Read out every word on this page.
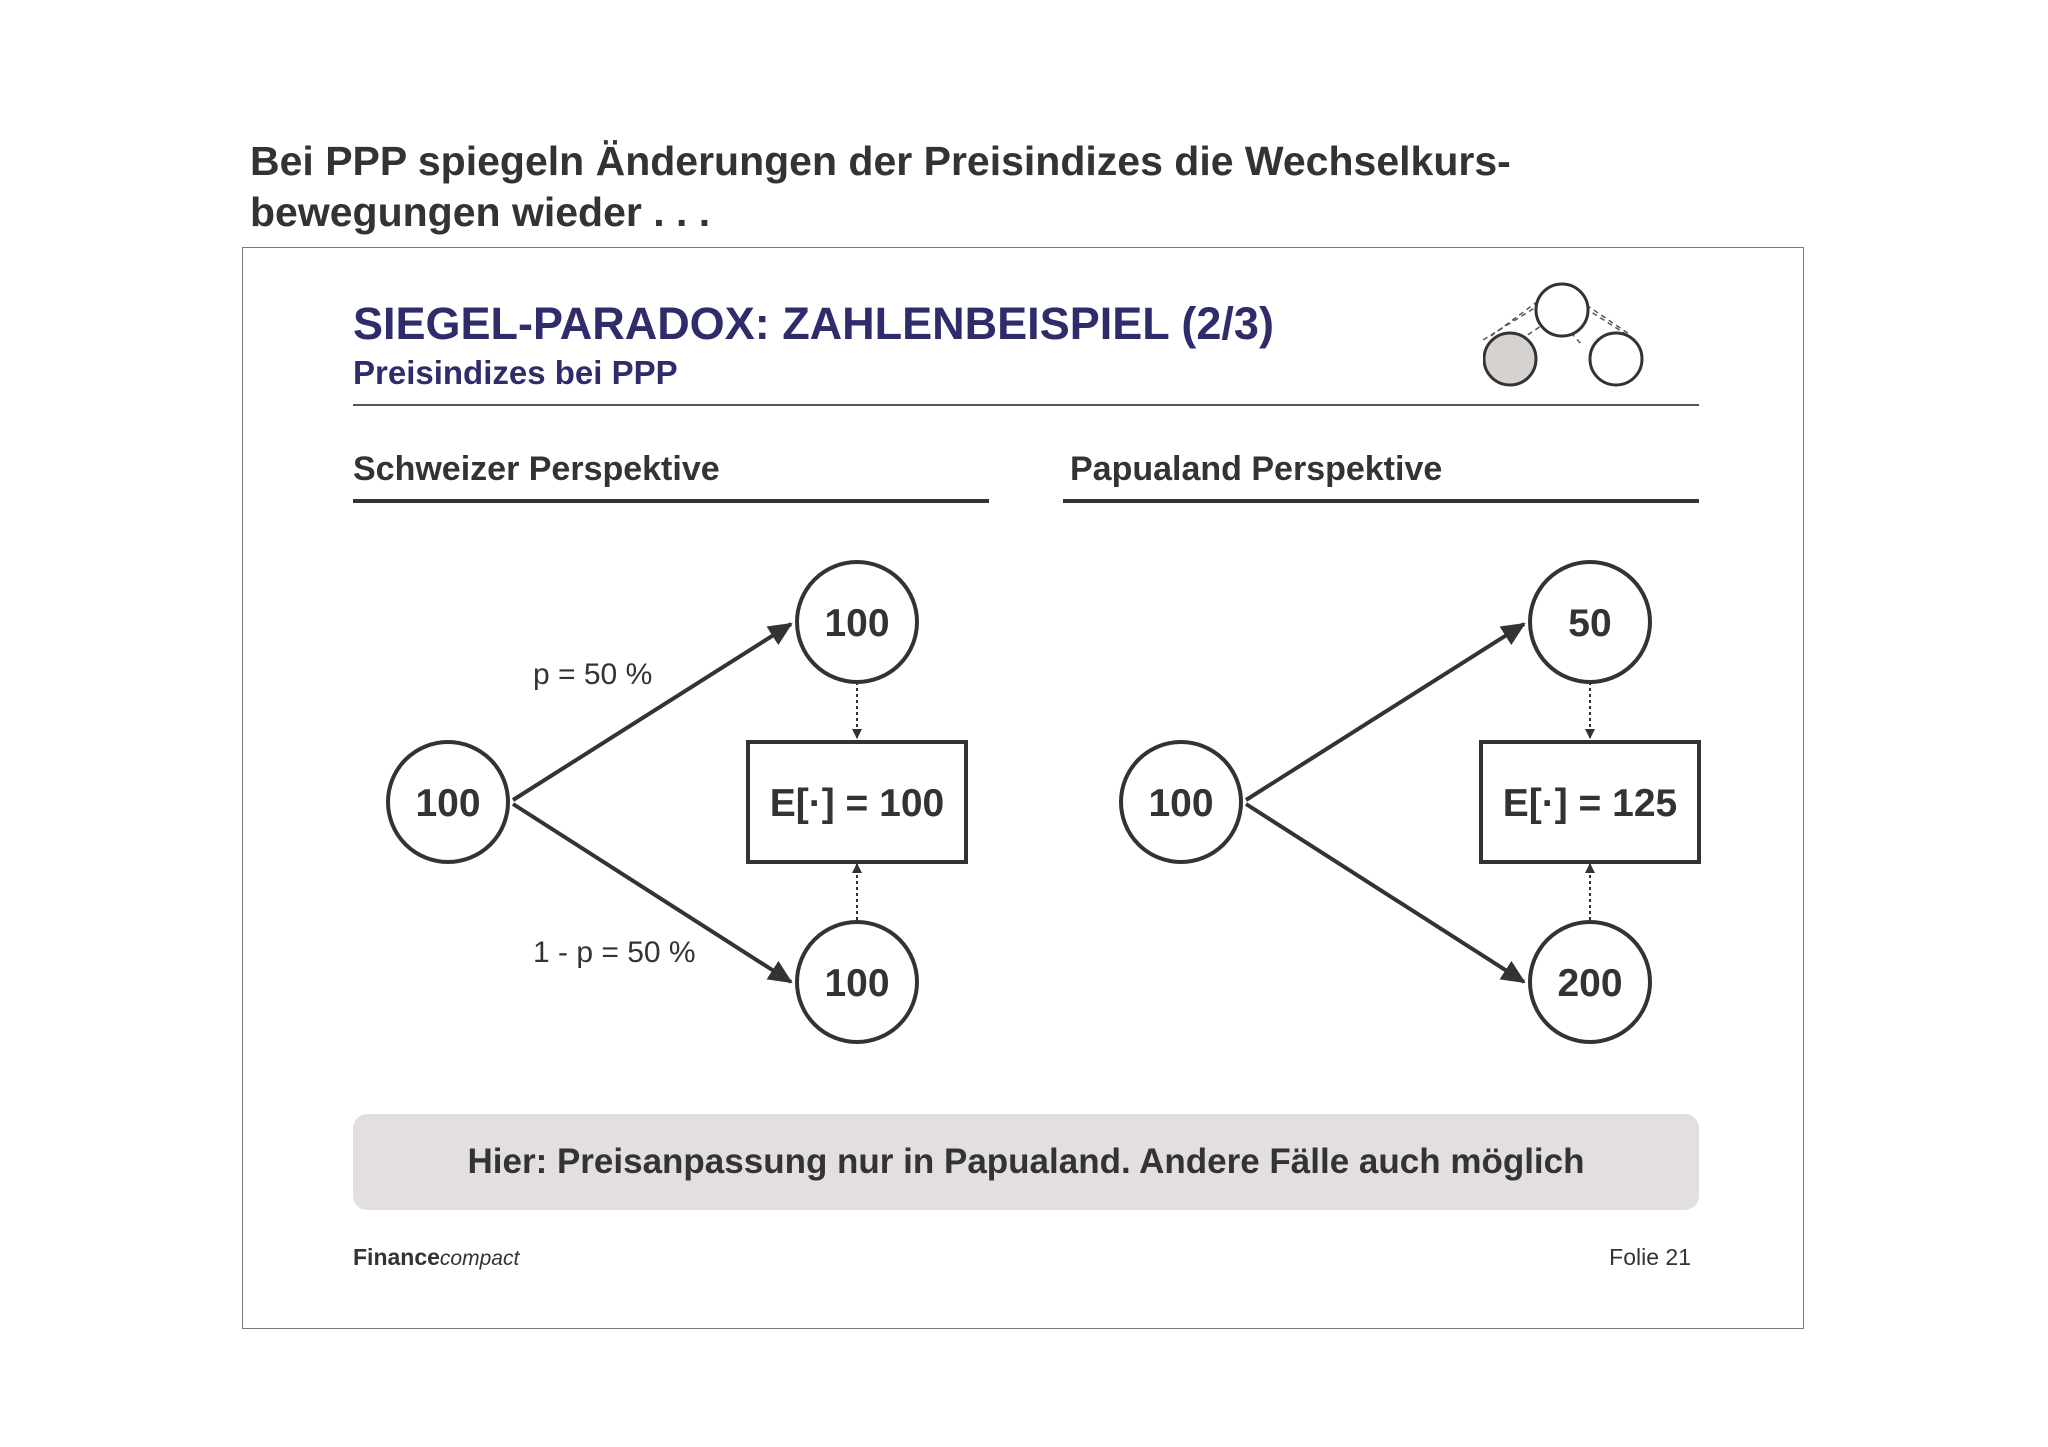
Bei PPP spiegeln Änderungen der Preisindizes die Wechselkurs-
bewegungen wieder . . .
SIEGEL-PARADOX: ZAHLENBEISPIEL (2/3)
Preisindizes bei PPP
Schweizer Perspektive	Papualand Perspektive
100
100
100
E[·] = 100
p = 50 %
1 - p = 50 %
100
50
200
E[·] = 125
Hier: Preisanpassung nur in Papualand. Andere Fälle auch möglich
Financecompact	Folie 21
